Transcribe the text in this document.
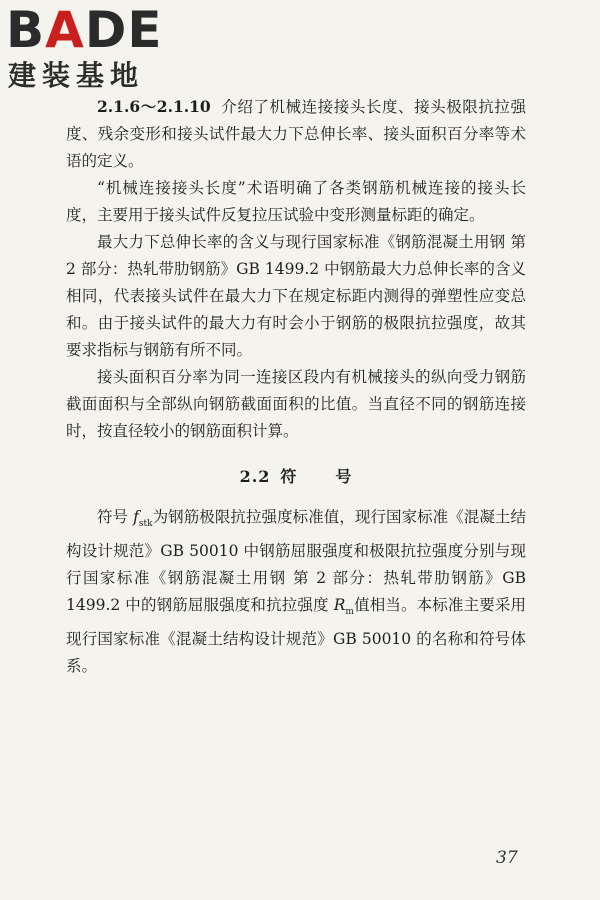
BADE
建装基地

2.1.6～2.1.10 介绍了机械连接接头长度、接头极限抗拉强度、残余变形和接头试件最大力下总伸长率、接头面积百分率等术语的定义。

“机械连接接头长度”术语明确了各类钢筋机械连接的接头长度，主要用于接头试件反复拉压试验中变形测量标距的确定。

最大力下总伸长率的含义与现行国家标准《钢筋混凝土用钢 第 2 部分：热轧带肋钢筋》GB 1499.2 中钢筋最大力总伸长率的含义相同，代表接头试件在最大力下在规定标距内测得的弹塑性应变总和。由于接头试件的最大力有时会小于钢筋的极限抗拉强度，故其要求指标与钢筋有所不同。

接头面积百分率为同一连接区段内有机械接头的纵向受力钢筋截面面积与全部纵向钢筋截面面积的比值。当直径不同的钢筋连接时，按直径较小的钢筋面积计算。

2.2 符 号

符号 $f_{stk}$为钢筋极限抗拉强度标准值，现行国家标准《混凝土结构设计规范》GB 50010 中钢筋屈服强度和极限抗拉强度分别与现行国家标准《钢筋混凝土用钢 第 2 部分：热轧带肋钢筋》GB 1499.2 中的钢筋屈服强度和抗拉强度 $R_m$值相当。本标准主要采用现行国家标准《混凝土结构设计规范》GB 50010 的名称和符号体系。

37
